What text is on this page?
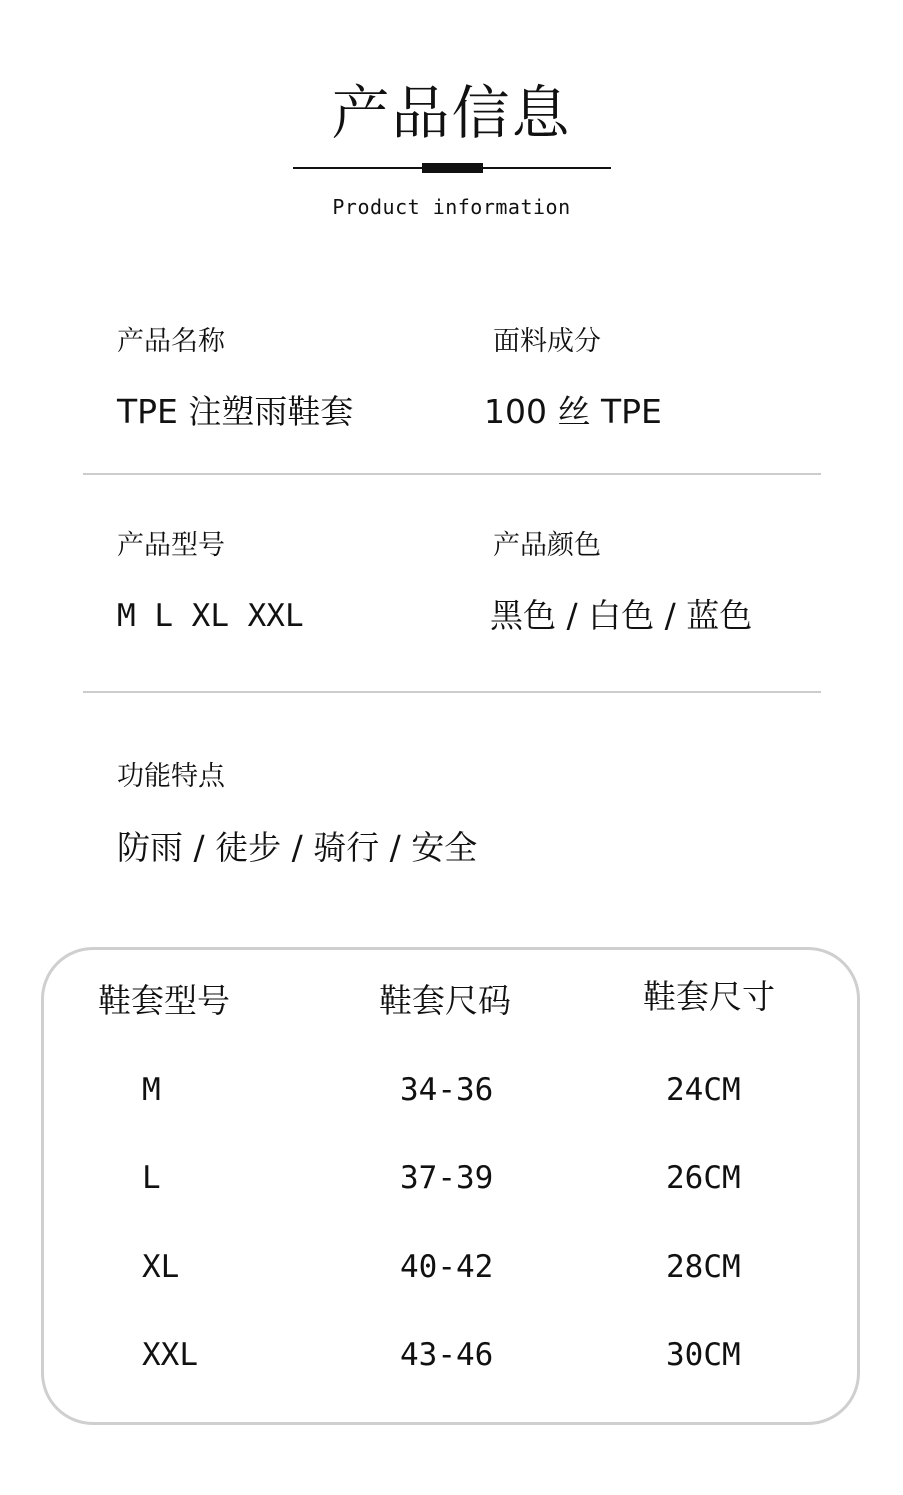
产品信息
Product information
产品名称
TPE 注塑雨鞋套
面料成分
100 丝 TPE
产品型号
M L XL XXL
产品颜色
黑色 / 白色 / 蓝色
功能特点
防雨 / 徒步 / 骑行 / 安全
鞋套型号	鞋套尺码	鞋套尺寸
M	34-36	24CM
L	37-39	26CM
XL	40-42	28CM
XXL	43-46	30CM
